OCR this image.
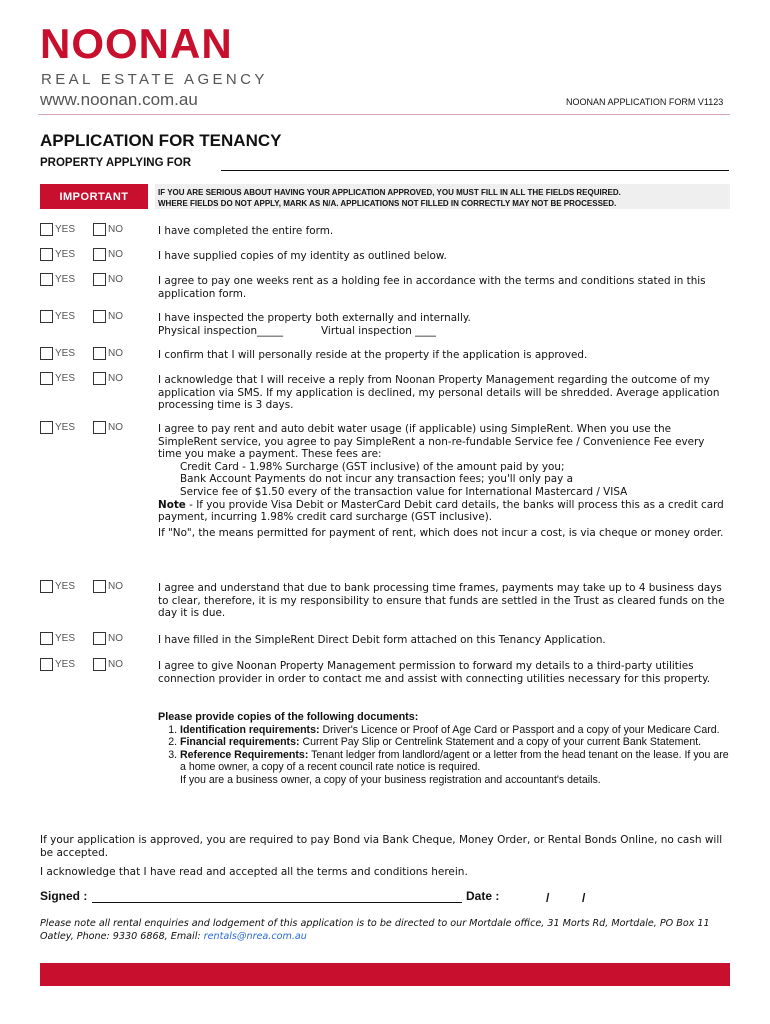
NOONAN
REAL ESTATE AGENCY
www.noonan.com.au	NOONAN APPLICATION FORM V1123
APPLICATION FOR TENANCY
PROPERTY APPLYING FOR
IMPORTANT	IF YOU ARE SERIOUS ABOUT HAVING YOUR APPLICATION APPROVED, YOU MUST FILL IN ALL THE FIELDS REQUIRED.
WHERE FIELDS DO NOT APPLY, MARK AS N/A. APPLICATIONS NOT FILLED IN CORRECTLY MAY NOT BE PROCESSED.
YES	NO	I have completed the entire form.
YES	NO	I have supplied copies of my identity as outlined below.
YES	NO	I agree to pay one weeks rent as a holding fee in accordance with the terms and conditions stated in this application form.
YES	NO	I have inspected the property both externally and internally.
Physical inspection_____	Virtual inspection ____
YES	NO	I confirm that I will personally reside at the property if the application is approved.
YES	NO	I acknowledge that I will receive a reply from Noonan Property Management regarding the outcome of my application via SMS. If my application is declined, my personal details will be shredded. Average application processing time is 3 days.
YES	NO	I agree to pay rent and auto debit water usage (if applicable) using SimpleRent. When you use the SimpleRent service, you agree to pay SimpleRent a non-re-fundable Service fee / Convenience Fee every time you make a payment. These fees are:
Credit Card - 1.98% Surcharge (GST inclusive) of the amount paid by you;
Bank Account Payments do not incur any transaction fees; you'll only pay a
Service fee of $1.50 every of the transaction value for International Mastercard / VISA
Note - If you provide Visa Debit or MasterCard Debit card details, the banks will process this as a credit card payment, incurring 1.98% credit card surcharge (GST inclusive).
If "No", the means permitted for payment of rent, which does not incur a cost, is via cheque or money order.
YES	NO	I agree and understand that due to bank processing time frames, payments may take up to 4 business days to clear, therefore, it is my responsibility to ensure that funds are settled in the Trust as cleared funds on the day it is due.
YES	NO	I have filled in the SimpleRent Direct Debit form attached on this Tenancy Application.
YES	NO	I agree to give Noonan Property Management permission to forward my details to a third-party utilities connection provider in order to contact me and assist with connecting utilities necessary for this property.
Please provide copies of the following documents:
1. Identification requirements: Driver's Licence or Proof of Age Card or Passport and a copy of your Medicare Card.
2. Financial requirements: Current Pay Slip or Centrelink Statement and a copy of your current Bank Statement.
3. Reference Requirements: Tenant ledger from landlord/agent or a letter from the head tenant on the lease. If you are a home owner, a copy of a recent council rate notice is required.
If you are a business owner, a copy of your business registration and accountant's details.
If your application is approved, you are required to pay Bond via Bank Cheque, Money Order, or Rental Bonds Online, no cash will be accepted.
I acknowledge that I have read and accepted all the terms and conditions herein.
Signed :	Date :	/	/
Please note all rental enquiries and lodgement of this application is to be directed to our Mortdale office, 31 Morts Rd, Mortdale, PO Box 11 Oatley, Phone: 9330 6868, Email: rentals@nrea.com.au
